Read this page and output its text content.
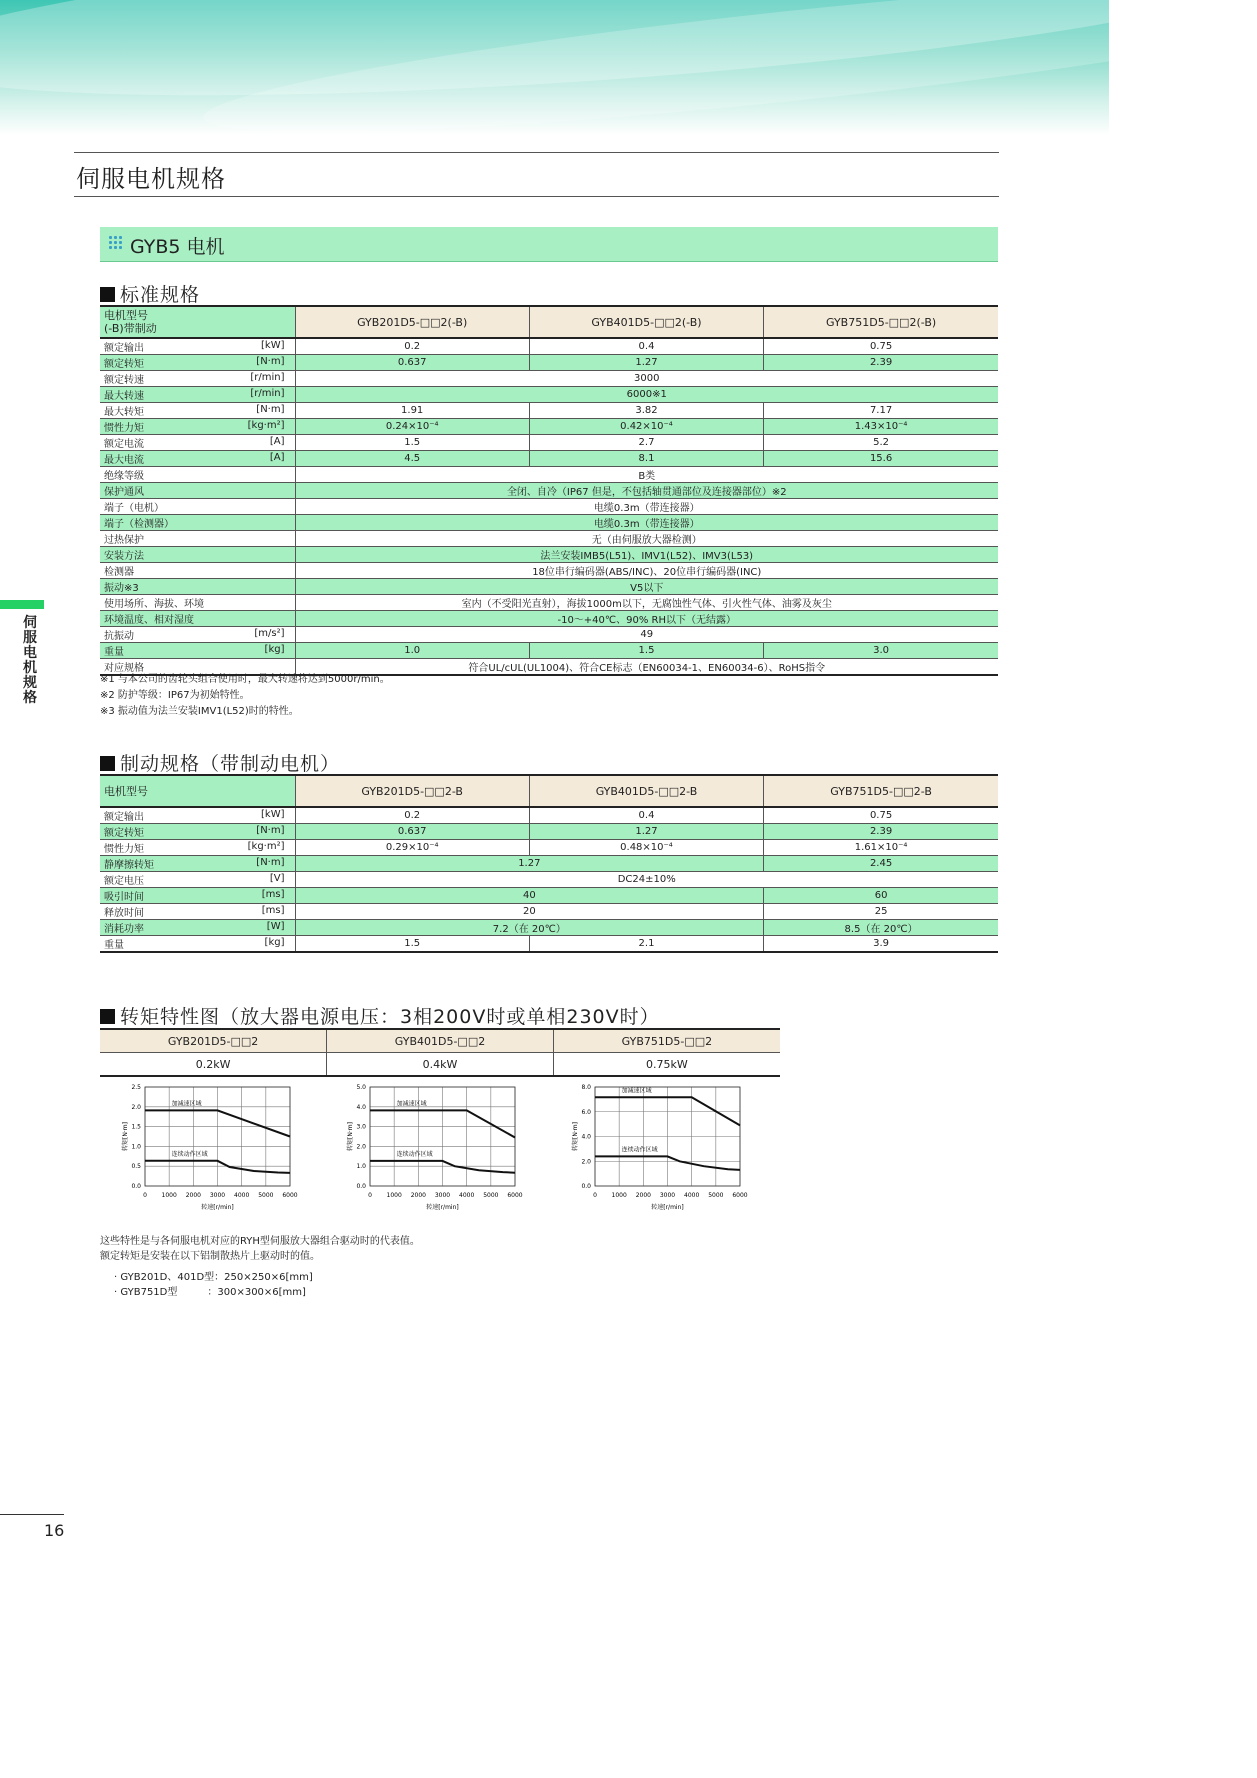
伺服电机规格
GYB5 电机
标准规格
电机型号
(-B)带制动	GYB201D5-□□2(-B)	GYB401D5-□□2(-B)	GYB751D5-□□2(-B)
额定输出 [kW]	0.2	0.4	0.75
额定转矩 [N·m]	0.637	1.27	2.39
额定转速 [r/min]	3000		
最大转速 [r/min]	6000※1		
最大转矩 [N·m]	1.91	3.82	7.17
惯性力矩 [kg·m²]	0.24×10⁻⁴	0.42×10⁻⁴	1.43×10⁻⁴
额定电流 [A]	1.5	2.7	5.2
最大电流 [A]	4.5	8.1	15.6
绝缘等级	B类		
保护通风	全闭、自冷（IP67 但是，不包括轴贯通部位及连接器部位）※2		
端子（电机）	电缆0.3m（带连接器）		
端子（检测器）	电缆0.3m（带连接器）		
过热保护	无（由伺服放大器检测）		
安装方法	法兰安装IMB5(L51)、IMV1(L52)、IMV3(L53)		
检测器	18位串行编码器(ABS/INC)、20位串行编码器(INC)		
振动※3	V5以下		
使用场所、海拔、环境	室内（不受阳光直射），海拔1000m以下，无腐蚀性气体、引火性气体、油雾及灰尘		
环境温度、相对湿度	-10～+40℃、90% RH以下（无结露）		
抗振动 [m/s²]	49		
重量 [kg]	1.0	1.5	3.0
对应规格	符合UL/cUL(UL1004)、符合CE标志（EN60034-1、EN60034-6）、RoHS指令		
※1 与本公司的齿轮头组合使用时，最大转速将达到5000r/min。
※2 防护等级：IP67为初始特性。
※3 振动值为法兰安装IMV1(L52)时的特性。
伺服电机规格
制动规格（带制动电机）
电机型号	GYB201D5-□□2-B	GYB401D5-□□2-B	GYB751D5-□□2-B
额定输出 [kW]	0.2	0.4	0.75
额定转矩 [N·m]	0.637	1.27	2.39
惯性力矩 [kg·m²]	0.29×10⁻⁴	0.48×10⁻⁴	1.61×10⁻⁴
静摩擦转矩 [N·m]	1.27		2.45
额定电压 [V]	DC24±10%		
吸引时间 [ms]	40		60
释放时间 [ms]	20		25
消耗功率 [W]	7.2（在 20℃）		8.5（在 20℃）
重量 [kg]	1.5	2.1	3.9
转矩特性图（放大器电源电压：3相200V时或单相230V时）
GYB201D5-□□2	GYB401D5-□□2	GYB751D5-□□2
0.2kW	0.4kW	0.75kW
0 1000 2000 3000 4000 5000 6000
0.0
0.5
1.0
1.5
2.0
2.5
加减速区域
连续动作区域
转矩[N·m]
转速[r/min]
0 1000 2000 3000 4000 5000 6000
0.0
1.0
2.0
3.0
4.0
5.0
加减速区域
连续动作区域
转矩[N·m]
转速[r/min]
0 1000 2000 3000 4000 5000 6000
0.0
2.0
4.0
6.0
8.0	加减速区域
连续动作区域
转矩[N·m]
转速[r/min]
这些特性是与各伺服电机对应的RYH型伺服放大器组合驱动时的代表值。
额定转矩是安装在以下铝制散热片上驱动时的值。
· GYB201D、401D型：250×250×6[mm]
· GYB751D型　　　：300×300×6[mm]
16
